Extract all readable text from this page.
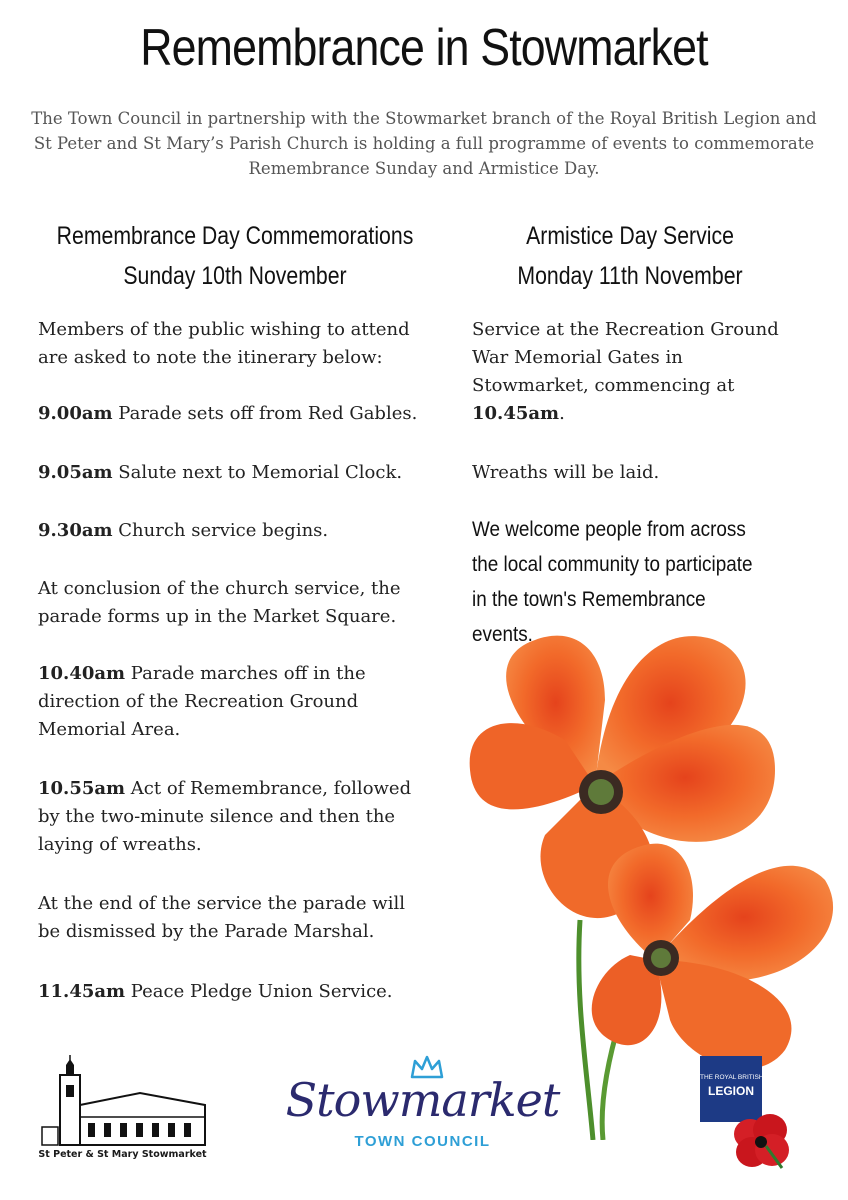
Remembrance in Stowmarket

The Town Council in partnership with the Stowmarket branch of the Royal British Legion and St Peter and St Mary’s Parish Church is holding a full programme of events to commemorate Remembrance Sunday and Armistice Day.

Remembrance Day Commemorations
Sunday 10th November
Armistice Day Service
Monday 11th November

Members of the public wishing to attend are asked to note the itinerary below:

9.00am Parade sets off from Red Gables.

9.05am Salute next to Memorial Clock.

9.30am Church service begins.

At conclusion of the church service, the parade forms up in the Market Square.

10.40am Parade marches off in the direction of the Recreation Ground Memorial Area.

10.55am Act of Remembrance, followed by the two-minute silence and then the laying of wreaths.

At the end of the service the parade will be dismissed by the Parade Marshal.

11.45am Peace Pledge Union Service.

Service at the Recreation Ground War Memorial Gates in Stowmarket, commencing at 10.45am.

Wreaths will be laid.

We welcome people from across the local community to participate in the town's Remembrance events.

St Peter & St Mary Stowmarket
Stowmarket
TOWN COUNCIL
THE ROYAL BRITISH
LEGION
